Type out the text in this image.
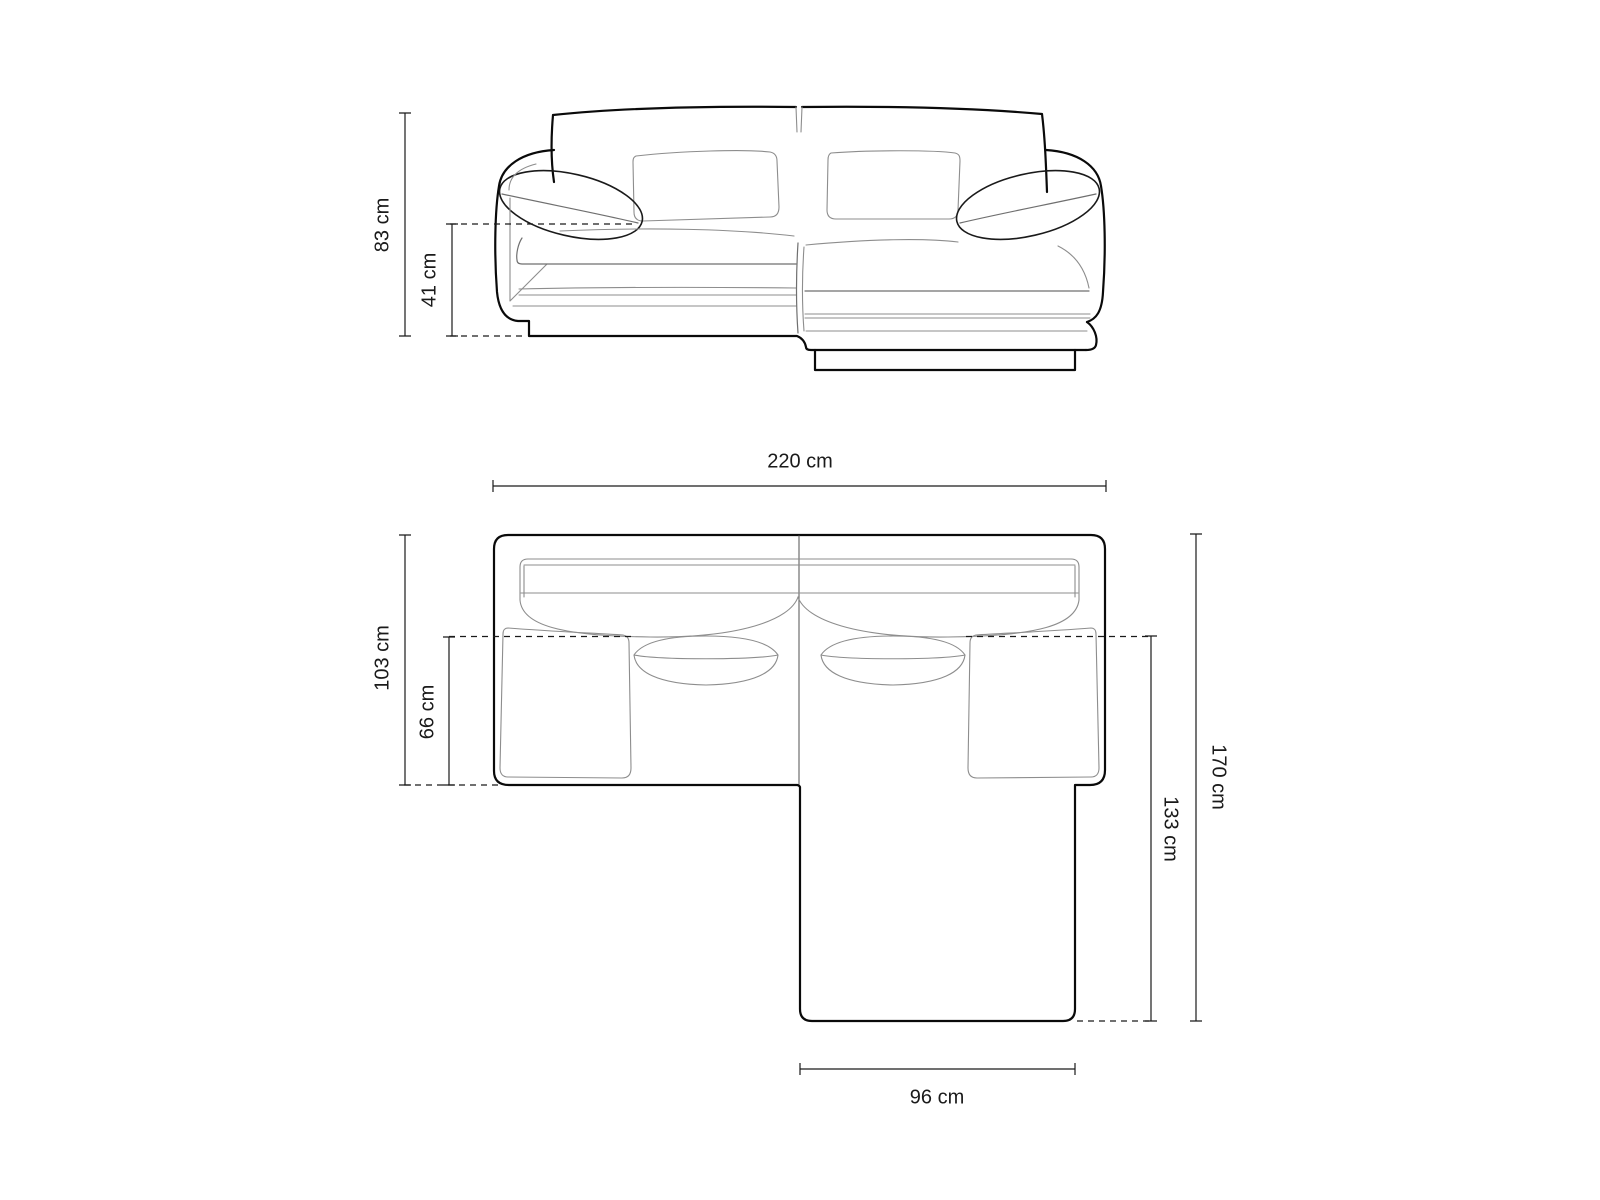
83 cm
41 cm
220 cm
103 cm
66 cm
170 cm
133 cm
96 cm
